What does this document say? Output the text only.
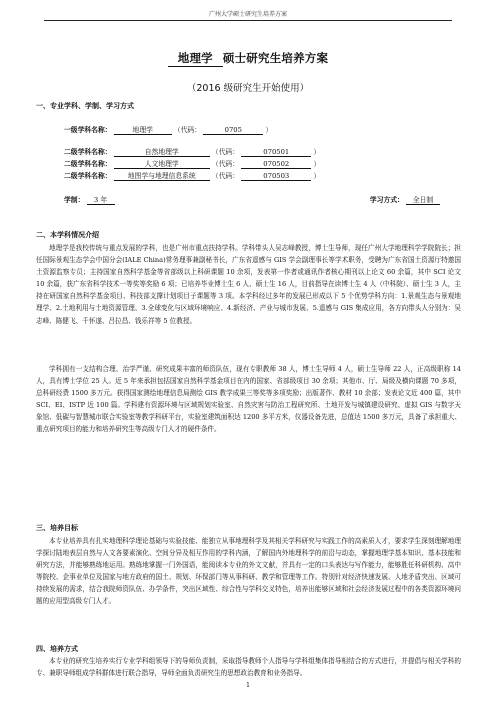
广州大学硕士研究生培养方案
地理学 硕士研究生培养方案
（2016 级研究生开始使用）
一、专业学科、学制、学习方式
一级学科名称：	地理学	（代码：	0705	）
二级学科名称：	自然地理学	（代码：	070501	）
二级学科名称：	人文地理学	（代码：	070502	）
二级学科名称： 地图学与地理信息系统 （代码：	070503	）
学制： 3 年	学习方式： 全日制
二、本学科情况介绍
地理学是我校传统与重点发展的学科，也是广州市重点扶持学科。学科带头人吴志峰教授，博士生导师，现任广州大学地理科学学院院长；担任国际景观生态学会中国分会(IALE China)常务理事兼副秘书长，广东省遥感与 GIS 学会副理事长等学术职务，受聘为广东省国土资源厅特邀国土资源监察专员；主持国家自然科学基金等省部级以上科研课题 10 余项，发表第一作者或通讯作者核心期刊以上论文 60 余篇，其中 SCI 论文 10 余篇，获广东省科学技术一等奖等奖励 6 项；已培养毕业博士生 6 人、硕士生 16 人，目前指导在读博士生 4 人（中科院）、硕士生 3 人，主持在研国家自然科学基金项目、科技部支撑计划项目子课题等 3 项。本学科经过多年的发展已形成以下 5 个优势学科方向：1.景观生态与景观地理学、2.土地利用与土地资源管理、3.全球变化与区域环境响应、4.新经济、产业与城市发展、5.遥感与 GIS 集成应用，各方向带头人分别为：吴志峰、陈健飞、千怀遂、吕拉昌、钱乐祥等 5 位教授。
学科拥有一支结构合理、治学严谨、研究成果丰富的师资队伍，现有专职教师 38 人，博士生导师 4 人，硕士生导师 22 人，正高级职称 14 人，具有博士学位 25 人。近 5 年来承担包括国家自然科学基金项目在内的国家、省部级项目 30 余项；其他市、厅、局级及横向课题 70 多项，总科研经费 1500 多万元。获得国家测绘地理信息局测绘 GIS 教学成果三等奖等多项奖励；出版著作、教材 10 余部；发表论文近 400 篇，其中 SCI、EI、ISTP 近 100 篇。学科建有资源环境与区域规划实验室、自然灾害与防治工程研究所、土地开发与城镇建设研究、虚拟 GIS 与数字天象馆、低碳与智慧城市联合实验室等教学科研平台，实验室建筑面积达 1200 多平方米，仪器设备先进，总值达 1500 多万元，具备了承担重大、重点研究项目的能力和培养研究生等高级专门人才的硬件条件。
三、培养目标
本专业培养具有扎实地理科学理论基础与实验技能、能独立从事地理科学及其相关学科研究与实践工作的高素质人才，要求学生深刻理解地理学探讨陆地表层自然与人文各要素演化、空间分异及相互作用的学科内涵，了解国内外地理科学的前沿与动态，掌握地理学基本知识、基本技能和研究方法，并能够熟练地运用。熟练地掌握一门外国语，能阅读本专业的外文文献，并具有一定的口头表达与写作能力，能够胜任科研机构、高中等院校、企事业单位及国家与地方政府的国土、规划、环保部门等从事科研、教学和管理等工作。特别针对经济快速发展、人地矛盾突出、区域可持续发展的需求，结合我院师资队伍、办学条件，突出区域性、综合性与学科交叉特色，培养出能够区域和社会经济发展过程中的各类资源环境问题的应用型高级专门人才。
四、培养方式
本专业的研究生培养实行专业学科组领导下的导师负责制，采取指导教师个人指导与学科组集体指导相结合的方式进行，并提倡与相关学科的专、兼职导师组成学科群体进行联合指导，导师全面负责研究生的思想政治教育和业务指导。
1
